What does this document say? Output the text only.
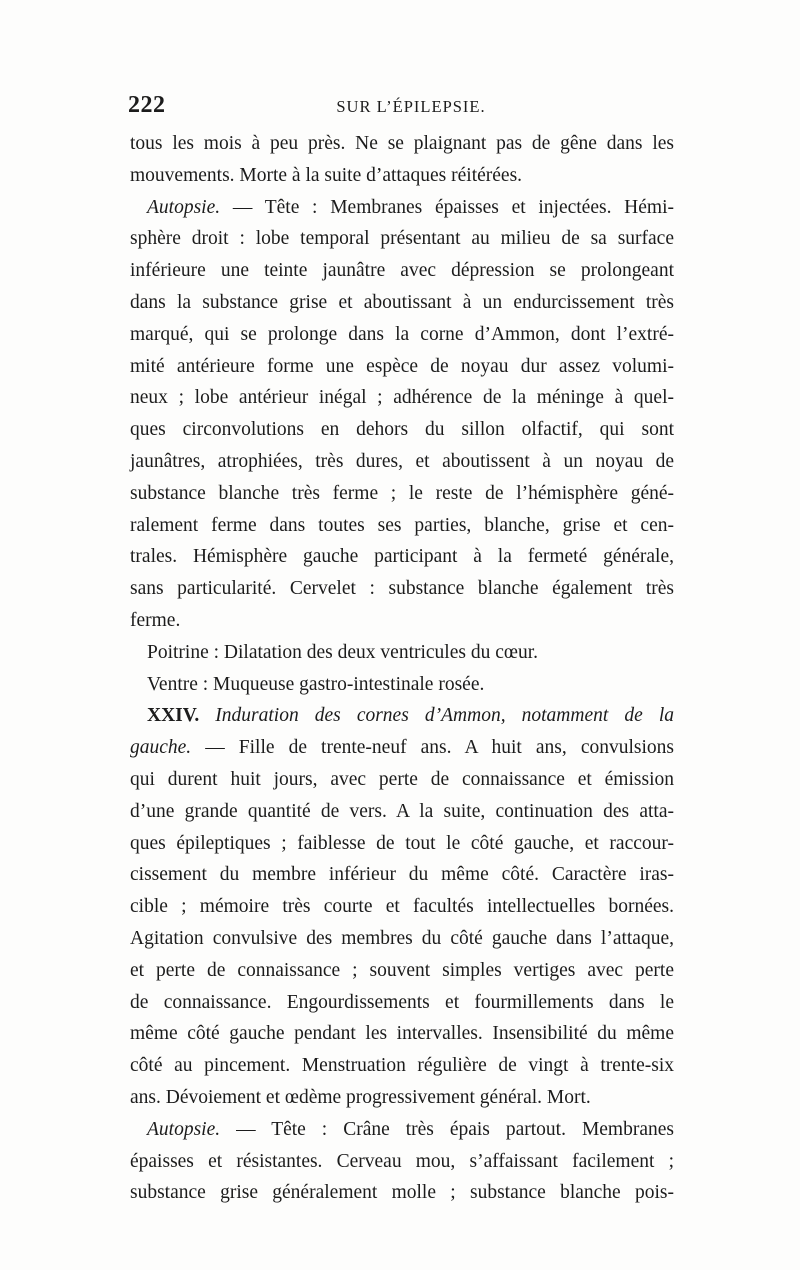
222	SUR L’ÉPILEPSIE.
tous les mois à peu près. Ne se plaignant pas de gêne dans les
mouvements. Morte à la suite d’attaques réitérées.
Autopsie. — Tête : Membranes épaisses et injectées. Hémi-
sphère droit : lobe temporal présentant au milieu de sa surface
inférieure une teinte jaunâtre avec dépression se prolongeant
dans la substance grise et aboutissant à un endurcissement très
marqué, qui se prolonge dans la corne d’Ammon, dont l’extré-
mité antérieure forme une espèce de noyau dur assez volumi-
neux ; lobe antérieur inégal ; adhérence de la méninge à quel-
ques circonvolutions en dehors du sillon olfactif, qui sont
jaunâtres, atrophiées, très dures, et aboutissent à un noyau de
substance blanche très ferme ; le reste de l’hémisphère géné-
ralement ferme dans toutes ses parties, blanche, grise et cen-
trales. Hémisphère gauche participant à la fermeté générale,
sans particularité. Cervelet : substance blanche également très
ferme.
Poitrine : Dilatation des deux ventricules du cœur.
Ventre : Muqueuse gastro-intestinale rosée.
XXIV. Induration des cornes d’Ammon, notamment de la
gauche. — Fille de trente-neuf ans. A huit ans, convulsions
qui durent huit jours, avec perte de connaissance et émission
d’une grande quantité de vers. A la suite, continuation des atta-
ques épileptiques ; faiblesse de tout le côté gauche, et raccour-
cissement du membre inférieur du même côté. Caractère iras-
cible ; mémoire très courte et facultés intellectuelles bornées.
Agitation convulsive des membres du côté gauche dans l’attaque,
et perte de connaissance ; souvent simples vertiges avec perte
de connaissance. Engourdissements et fourmillements dans le
même côté gauche pendant les intervalles. Insensibilité du même
côté au pincement. Menstruation régulière de vingt à trente-six
ans. Dévoiement et œdème progressivement général. Mort.
Autopsie. — Tête : Crâne très épais partout. Membranes
épaisses et résistantes. Cerveau mou, s’affaissant facilement ;
substance grise généralement molle ; substance blanche pois-
